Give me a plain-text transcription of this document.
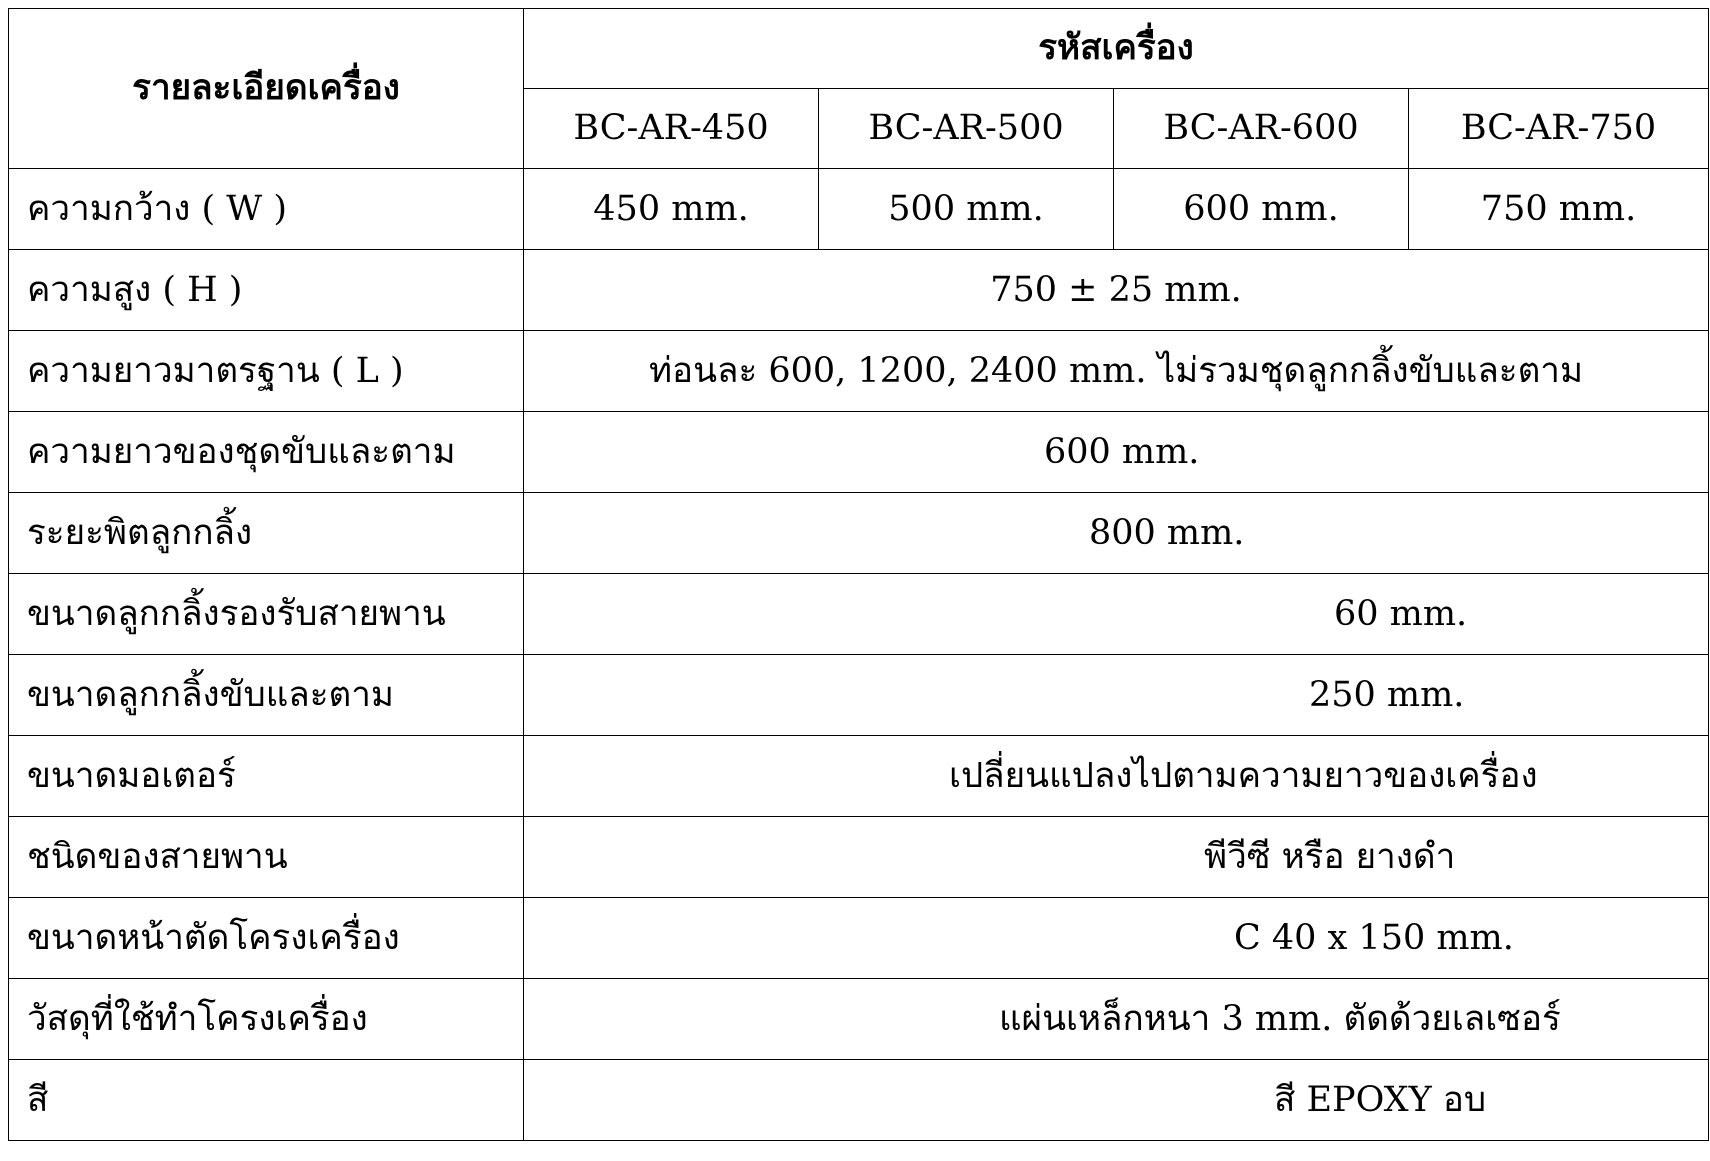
รายละเอียดเครื่อง	รหัสเครื่อง			
	BC-AR-450	BC-AR-500	BC-AR-600	BC-AR-750
ความกว้าง ( W )	450 mm.	500 mm.	600 mm.	750 mm.
ความสูง ( H )	750 ± 25 mm.			
ความยาวมาตรฐาน ( L )	ท่อนละ 600, 1200, 2400 mm. ไม่รวมชุดลูกกลิ้งขับและตาม			
ความยาวของชุดขับและตาม	600 mm.			
ระยะพิตลูกกลิ้ง	800 mm.			
ขนาดลูกกลิ้งรองรับสายพาน	60 mm.			
ขนาดลูกกลิ้งขับและตาม	250 mm.			
ขนาดมอเตอร์	เปลี่ยนแปลงไปตามความยาวของเครื่อง			
ชนิดของสายพาน	พีวีซี หรือ ยางดำ			
ขนาดหน้าตัดโครงเครื่อง	C 40 x 150 mm.			
วัสดุที่ใช้ทำโครงเครื่อง	แผ่นเหล็กหนา 3 mm. ตัดด้วยเลเซอร์			
สี	สี EPOXY อบ			
